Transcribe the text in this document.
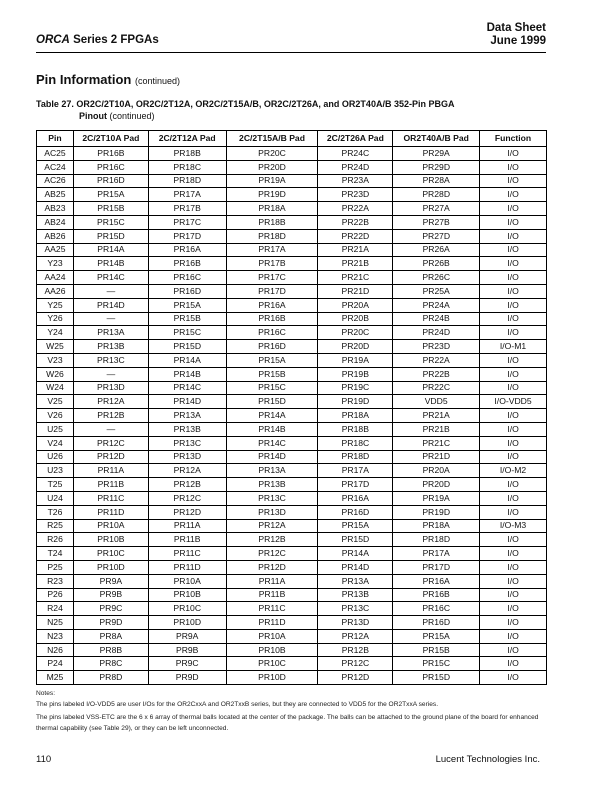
ORCA Series 2 FPGAs
Data Sheet
June 1999
Pin Information (continued)
Table 27. OR2C/2T10A, OR2C/2T12A, OR2C/2T15A/B, OR2C/2T26A, and OR2T40A/B 352-Pin PBGA
Pinout (continued)
Pin	2C/2T10A Pad	2C/2T12A Pad	2C/2T15A/B Pad	2C/2T26A Pad	OR2T40A/B Pad	Function
AC25	PR16B	PR18B	PR20C	PR24C	PR29A	I/O
AC24	PR16C	PR18C	PR20D	PR24D	PR29D	I/O
AC26	PR16D	PR18D	PR19A	PR23A	PR28A	I/O
AB25	PR15A	PR17A	PR19D	PR23D	PR28D	I/O
AB23	PR15B	PR17B	PR18A	PR22A	PR27A	I/O
AB24	PR15C	PR17C	PR18B	PR22B	PR27B	I/O
AB26	PR15D	PR17D	PR18D	PR22D	PR27D	I/O
AA25	PR14A	PR16A	PR17A	PR21A	PR26A	I/O
Y23	PR14B	PR16B	PR17B	PR21B	PR26B	I/O
AA24	PR14C	PR16C	PR17C	PR21C	PR26C	I/O
AA26	—	PR16D	PR17D	PR21D	PR25A	I/O
Y25	PR14D	PR15A	PR16A	PR20A	PR24A	I/O
Y26	—	PR15B	PR16B	PR20B	PR24B	I/O
Y24	PR13A	PR15C	PR16C	PR20C	PR24D	I/O
W25	PR13B	PR15D	PR16D	PR20D	PR23D	I/O-M1
V23	PR13C	PR14A	PR15A	PR19A	PR22A	I/O
W26	—	PR14B	PR15B	PR19B	PR22B	I/O
W24	PR13D	PR14C	PR15C	PR19C	PR22C	I/O
V25	PR12A	PR14D	PR15D	PR19D	VDD5	I/O-VDD5
V26	PR12B	PR13A	PR14A	PR18A	PR21A	I/O
U25	—	PR13B	PR14B	PR18B	PR21B	I/O
V24	PR12C	PR13C	PR14C	PR18C	PR21C	I/O
U26	PR12D	PR13D	PR14D	PR18D	PR21D	I/O
U23	PR11A	PR12A	PR13A	PR17A	PR20A	I/O-M2
T25	PR11B	PR12B	PR13B	PR17D	PR20D	I/O
U24	PR11C	PR12C	PR13C	PR16A	PR19A	I/O
T26	PR11D	PR12D	PR13D	PR16D	PR19D	I/O
R25	PR10A	PR11A	PR12A	PR15A	PR18A	I/O-M3
R26	PR10B	PR11B	PR12B	PR15D	PR18D	I/O
T24	PR10C	PR11C	PR12C	PR14A	PR17A	I/O
P25	PR10D	PR11D	PR12D	PR14D	PR17D	I/O
R23	PR9A	PR10A	PR11A	PR13A	PR16A	I/O
P26	PR9B	PR10B	PR11B	PR13B	PR16B	I/O
R24	PR9C	PR10C	PR11C	PR13C	PR16C	I/O
N25	PR9D	PR10D	PR11D	PR13D	PR16D	I/O
N23	PR8A	PR9A	PR10A	PR12A	PR15A	I/O
N26	PR8B	PR9B	PR10B	PR12B	PR15B	I/O
P24	PR8C	PR9C	PR10C	PR12C	PR15C	I/O
M25	PR8D	PR9D	PR10D	PR12D	PR15D	I/O

Notes:

The pins labeled I/O-VDD5 are user I/Os for the OR2CxxA and OR2TxxB series, but they are connected to VDD5 for the OR2TxxA series.

The pins labeled VSS-ETC are the 6 x 6 array of thermal balls located at the center of the package. The balls can be attached to the ground plane of the board for enhanced thermal capability (see Table 29), or they can be left unconnected.

110	Lucent Technologies Inc.
